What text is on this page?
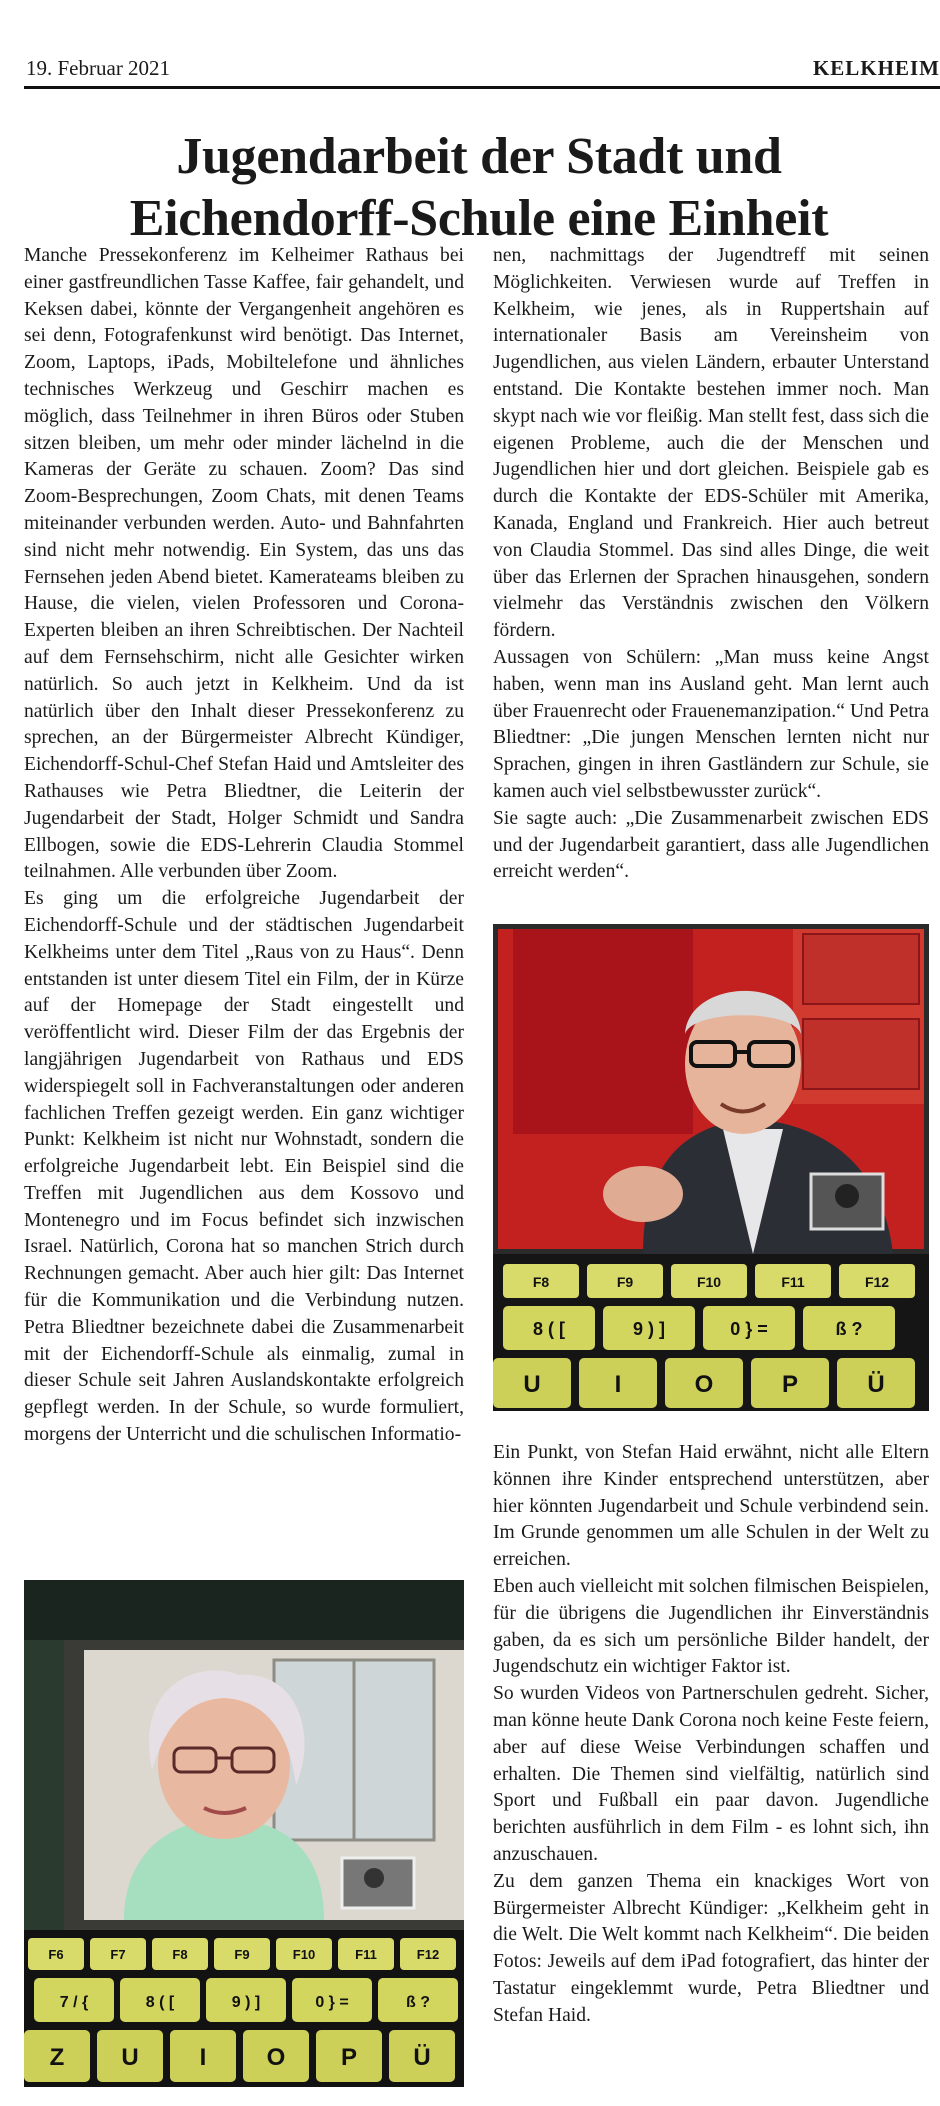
19. Februar 2021	KELKHEIM
Jugendarbeit der Stadt und
Eichendorff-Schule eine Einheit

Manche Pressekonferenz im Kelheimer Rathaus bei einer gastfreundlichen Tasse Kaffee, fair gehandelt, und Keksen dabei, könnte der Vergangenheit angehören es sei denn, Fotografenkunst wird benötigt. Das Internet, Zoom, Laptops, iPads, Mobiltelefone und ähnliches technisches Werkzeug und Geschirr machen es möglich, dass Teilnehmer in ihren Büros oder Stuben sitzen bleiben, um mehr oder minder lächelnd in die Kameras der Geräte zu schauen. Zoom? Das sind Zoom-Besprechungen, Zoom Chats, mit denen Teams miteinander verbunden werden. Auto- und Bahnfahrten sind nicht mehr notwendig. Ein System, das uns das Fernsehen jeden Abend bietet. Kamerateams bleiben zu Hause, die vielen, vielen Professoren und Corona-Experten bleiben an ihren Schreibtischen. Der Nachteil auf dem Fernsehschirm, nicht alle Gesichter wirken natürlich. So auch jetzt in Kelkheim. Und da ist natürlich über den Inhalt dieser Pressekonferenz zu sprechen, an der Bürgermeister Albrecht Kündiger, Eichendorff-Schul-Chef Stefan Haid und Amtsleiter des Rathauses wie Petra Bliedtner, die Leiterin der Jugendarbeit der Stadt, Holger Schmidt und Sandra Ellbogen, sowie die EDS-Lehrerin Claudia Stommel teilnahmen. Alle verbunden über Zoom.

Es ging um die erfolgreiche Jugendarbeit der Eichendorff-Schule und der städtischen Jugendarbeit Kelkheims unter dem Titel „Raus von zu Haus“. Denn entstanden ist unter diesem Titel ein Film, der in Kürze auf der Homepage der Stadt eingestellt und veröffentlicht wird. Dieser Film der das Ergebnis der langjährigen Jugendarbeit von Rathaus und EDS widerspiegelt soll in Fachveranstaltungen oder anderen fachlichen Treffen gezeigt werden. Ein ganz wichtiger Punkt: Kelkheim ist nicht nur Wohnstadt, sondern die erfolgreiche Jugendarbeit lebt. Ein Beispiel sind die Treffen mit Jugendlichen aus dem Kossovo und Montenegro und im Focus befindet sich inzwischen Israel. Natürlich, Corona hat so manchen Strich durch Rechnungen gemacht. Aber auch hier gilt: Das Internet für die Kommunikation und die Verbindung nutzen. Petra Bliedtner bezeichnete dabei die Zusammenarbeit mit der Eichendorff-Schule als einmalig, zumal in dieser Schule seit Jahren Auslandskontakte erfolgreich gepflegt werden. In der Schule, so wurde formuliert, morgens der Unterricht und die schulischen Informatio-

nen, nachmittags der Jugendtreff mit seinen Möglichkeiten. Verwiesen wurde auf Treffen in Kelkheim, wie jenes, als in Ruppertshain auf internationaler Basis am Vereinsheim von Jugendlichen, aus vielen Ländern, erbauter Unterstand entstand. Die Kontakte bestehen immer noch. Man skypt nach wie vor fleißig. Man stellt fest, dass sich die eigenen Probleme, auch die der Menschen und Jugendlichen hier und dort gleichen. Beispiele gab es durch die Kontakte der EDS-Schüler mit Amerika, Kanada, England und Frankreich. Hier auch betreut von Claudia Stommel. Das sind alles Dinge, die weit über das Erlernen der Sprachen hinausgehen, sondern vielmehr das Verständnis zwischen den Völkern fördern.

Aussagen von Schülern: „Man muss keine Angst haben, wenn man ins Ausland geht. Man lernt auch über Frauenrecht oder Frauenemanzipation.“ Und Petra Bliedtner: „Die jungen Menschen lernten nicht nur Sprachen, gingen in ihren Gastländern zur Schule, sie kamen auch viel selbstbewusster zurück“.

Sie sagte auch: „Die Zusammenarbeit zwischen EDS und der Jugendarbeit garantiert, dass alle Jugendlichen erreicht werden“.

F8	F9	F10	F11	F12
8 ( [	9 ) ]	0 } =	ß ?
U	I	O	P	Ü

Ein Punkt, von Stefan Haid erwähnt, nicht alle Eltern können ihre Kinder entsprechend unterstützen, aber hier könnten Jugendarbeit und Schule verbindend sein. Im Grunde genommen um alle Schulen in der Welt zu erreichen.

Eben auch vielleicht mit solchen filmischen Beispielen, für die übrigens die Jugendlichen ihr Einverständnis gaben, da es sich um persönliche Bilder handelt, der Jugendschutz ein wichtiger Faktor ist.

So wurden Videos von Partnerschulen gedreht. Sicher, man könne heute Dank Corona noch keine Feste feiern, aber auf diese Weise Verbindungen schaffen und erhalten. Die Themen sind vielfältig, natürlich sind Sport und Fußball ein paar davon. Jugendliche berichten ausführlich in dem Film - es lohnt sich, ihn anzuschauen.

Zu dem ganzen Thema ein knackiges Wort von Bürgermeister Albrecht Kündiger: „Kelkheim geht in die Welt. Die Welt kommt nach Kelkheim“. Die beiden Fotos: Jeweils auf dem iPad fotografiert, das hinter der Tastatur eingeklemmt wurde, Petra Bliedtner und Stefan Haid.

F6	F7	F8	F9	F10	F11	F12
7 / {	8 ( [	9 ) ]	0 } =	ß ?
Z U	I	O P Ü
